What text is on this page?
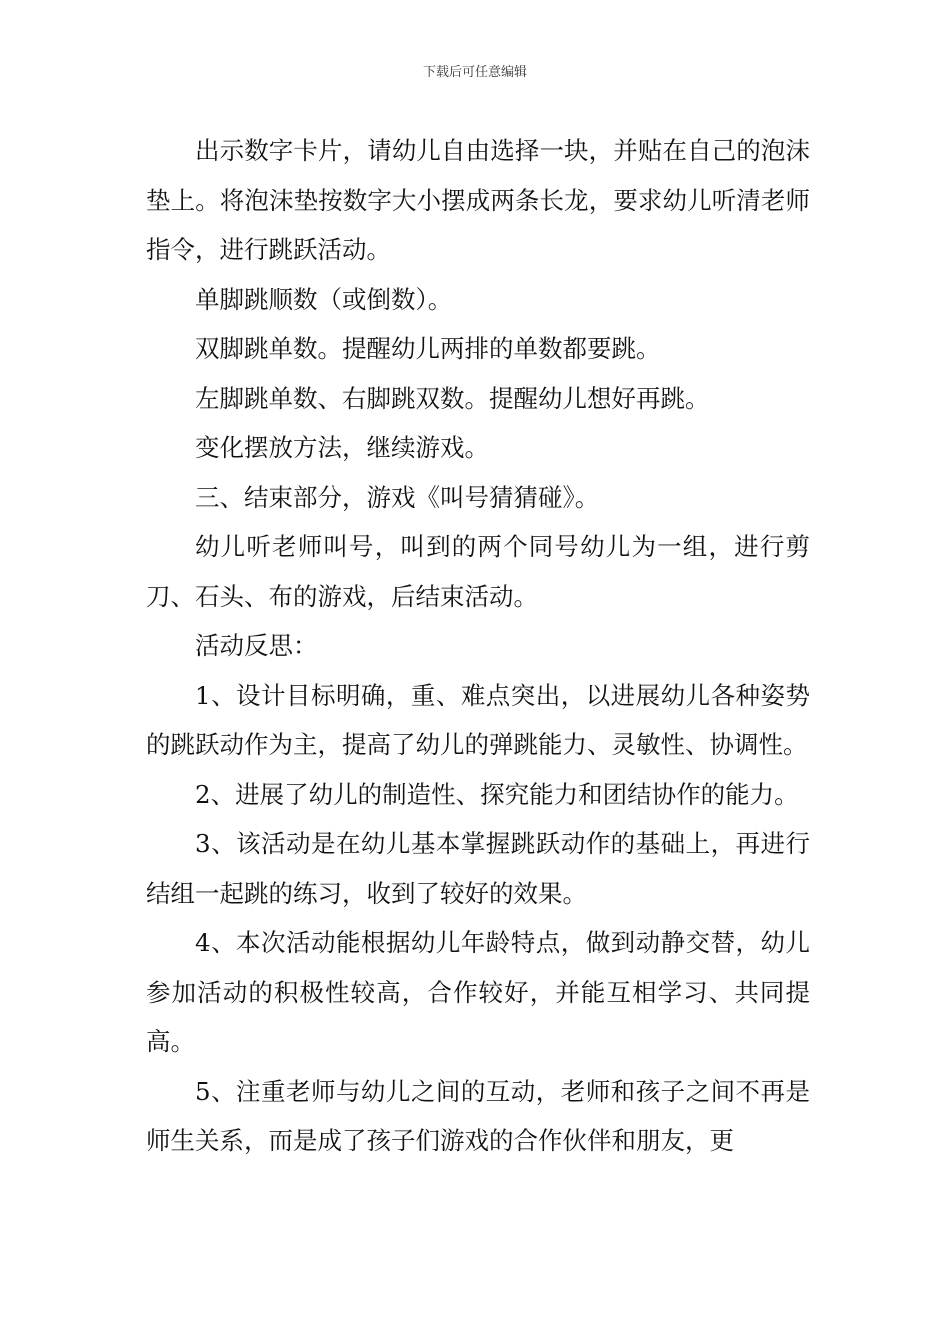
下载后可任意编辑

出示数字卡片，请幼儿自由选择一块，并贴在自己的泡沫垫上。将泡沫垫按数字大小摆成两条长龙，要求幼儿听清老师指令，进行跳跃活动。

单脚跳顺数（或倒数）。

双脚跳单数。提醒幼儿两排的单数都要跳。

左脚跳单数、右脚跳双数。提醒幼儿想好再跳。

变化摆放方法，继续游戏。

三、结束部分，游戏《叫号猜猜碰》。

幼儿听老师叫号，叫到的两个同号幼儿为一组，进行剪刀、石头、布的游戏，后结束活动。

活动反思：

1、设计目标明确，重、难点突出，以进展幼儿各种姿势的跳跃动作为主，提高了幼儿的弹跳能力、灵敏性、协调性。

2、进展了幼儿的制造性、探究能力和团结协作的能力。

3、该活动是在幼儿基本掌握跳跃动作的基础上，再进行结组一起跳的练习，收到了较好的效果。

4、本次活动能根据幼儿年龄特点，做到动静交替，幼儿参加活动的积极性较高，合作较好，并能互相学习、共同提高。

5、注重老师与幼儿之间的互动，老师和孩子之间不再是师生关系，而是成了孩子们游戏的合作伙伴和朋友，更
